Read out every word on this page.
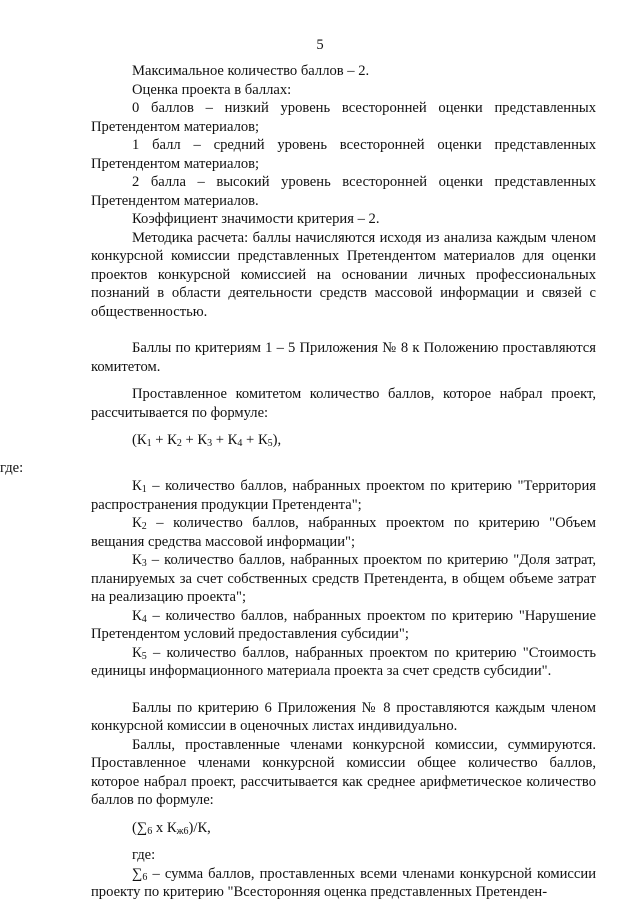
5

Максимальное количество баллов – 2.

Оценка проекта в баллах:

0 баллов – низкий уровень всесторонней оценки представленных Претендентом материалов;

1 балл – средний уровень всесторонней оценки представленных Претендентом материалов;

2 балла – высокий уровень всесторонней оценки представленных Претендентом материалов.

Коэффициент значимости критерия – 2.

Методика расчета: баллы начисляются исходя из анализа каждым членом конкурсной комиссии представленных Претендентом материалов для оценки проектов конкурсной комиссией на основании личных профессиональных познаний в области деятельности средств массовой информации и связей с общественностью.

Баллы по критериям 1 – 5 Приложения № 8 к Положению проставляются комитетом.

Проставленное комитетом количество баллов, которое набрал проект, рассчитывается по формуле:

$(К_1 + К_2 + К_3 + К_4 + К_5)$,

где:

$К_1$ – количество баллов, набранных проектом по критерию "Территория распространения продукции Претендента";

$К_2$ – количество баллов, набранных проектом по критерию "Объем вещания средства массовой информации";

$К_3$ – количество баллов, набранных проектом по критерию "Доля затрат, планируемых за счет собственных средств Претендента, в общем объеме затрат на реализацию проекта";

$К_4$ – количество баллов, набранных проектом по критерию "Нарушение Претендентом условий предоставления субсидии";

$К_5$ – количество баллов, набранных проектом по критерию "Стоимость единицы информационного материала проекта за счет средств субсидии".

Баллы по критерию 6 Приложения № 8 проставляются каждым членом конкурсной комиссии в оценочных листах индивидуально.

Баллы, проставленные членами конкурсной комиссии, суммируются. Проставленное членами конкурсной комиссии общее количество баллов, которое набрал проект, рассчитывается как среднее арифметическое количество баллов по формуле:

($\sum_6$ х $К_{ж6})/К$,

где:

$\sum_6$ – сумма баллов, проставленных всеми членами конкурсной комиссии проекту по критерию "Всесторонняя оценка представленных Претенден-
